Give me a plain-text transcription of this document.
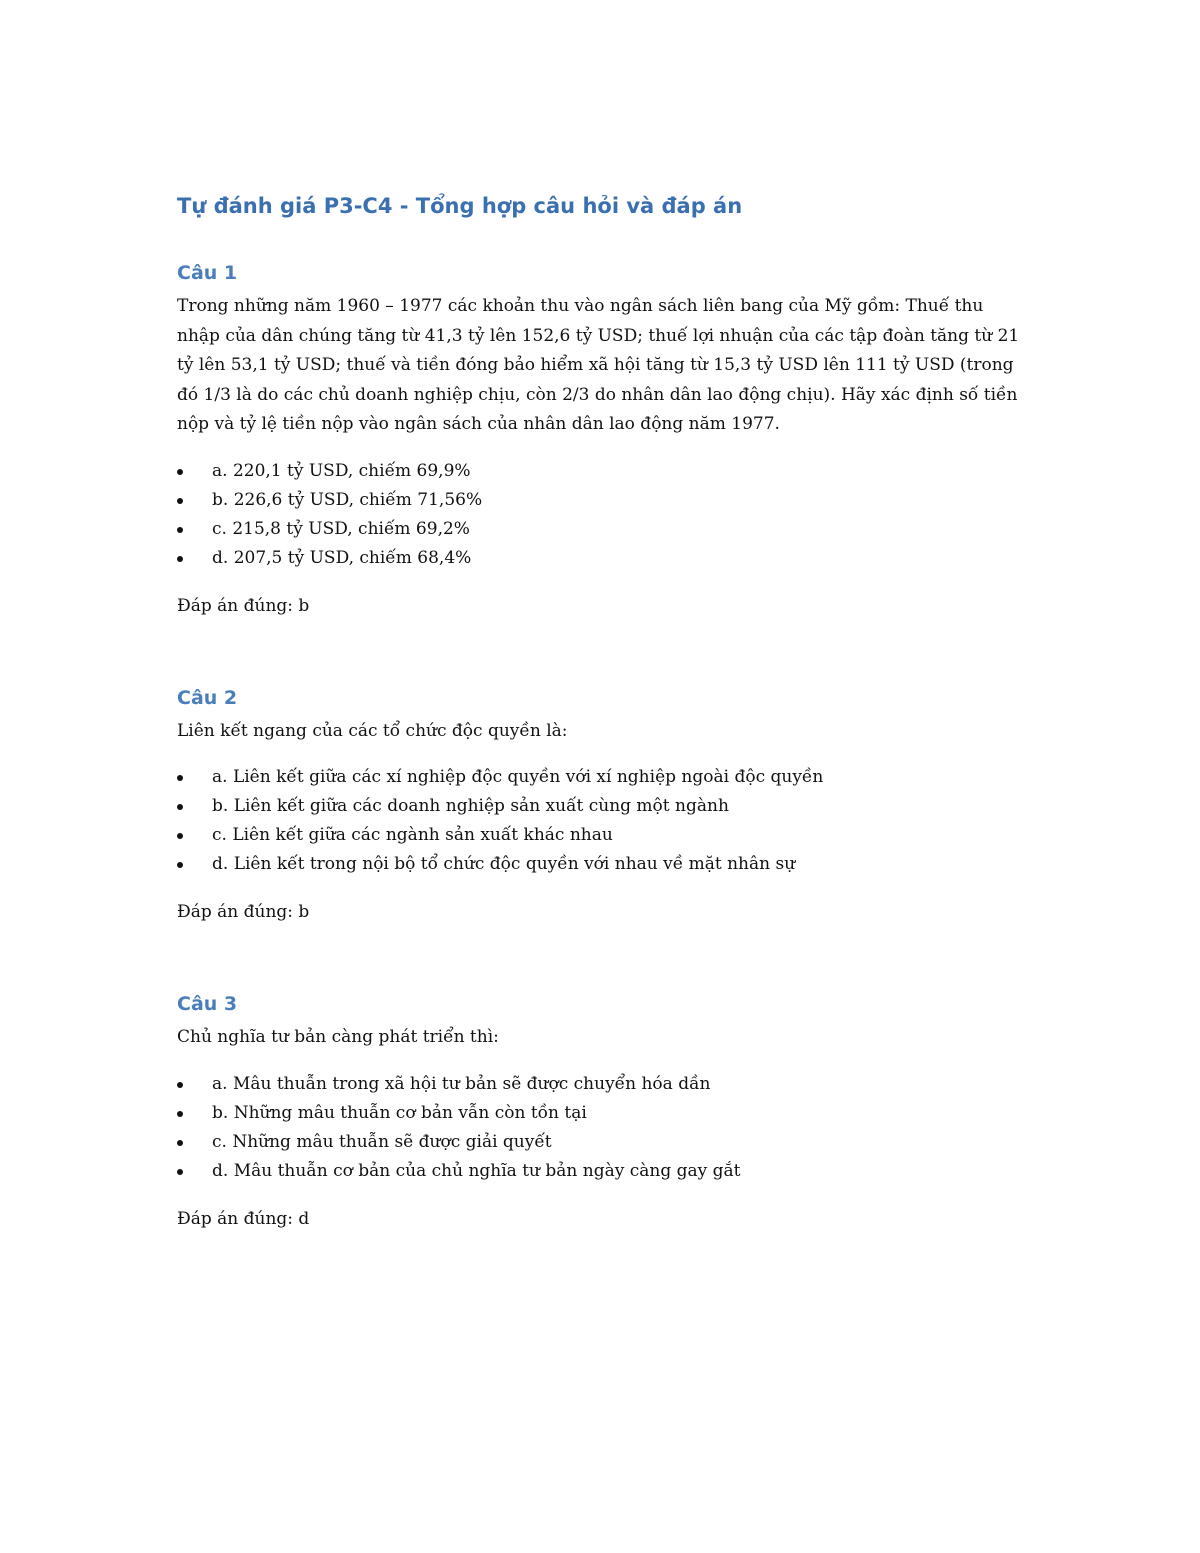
Tự đánh giá P3-C4 - Tổng hợp câu hỏi và đáp án
Câu 1

Trong những năm 1960 – 1977 các khoản thu vào ngân sách liên bang của Mỹ gồm: Thuế thu nhập của dân chúng tăng từ 41,3 tỷ lên 152,6 tỷ USD; thuế lợi nhuận của các tập đoàn tăng từ 21 tỷ lên 53,1 tỷ USD; thuế và tiền đóng bảo hiểm xã hội tăng từ 15,3 tỷ USD lên 111 tỷ USD (trong đó 1/3 là do các chủ doanh nghiệp chịu, còn 2/3 do nhân dân lao động chịu). Hãy xác định số tiền nộp và tỷ lệ tiền nộp vào ngân sách của nhân dân lao động năm 1977.

a. 220,1 tỷ USD, chiếm 69,9%
b. 226,6 tỷ USD, chiếm 71,56%
c. 215,8 tỷ USD, chiếm 69,2%
d. 207,5 tỷ USD, chiếm 68,4%

Đáp án đúng: b

Câu 2

Liên kết ngang của các tổ chức độc quyền là:

a. Liên kết giữa các xí nghiệp độc quyền với xí nghiệp ngoài độc quyền
b. Liên kết giữa các doanh nghiệp sản xuất cùng một ngành
c. Liên kết giữa các ngành sản xuất khác nhau
d. Liên kết trong nội bộ tổ chức độc quyền với nhau về mặt nhân sự

Đáp án đúng: b

Câu 3

Chủ nghĩa tư bản càng phát triển thì:

a. Mâu thuẫn trong xã hội tư bản sẽ được chuyển hóa dần
b. Những mâu thuẫn cơ bản vẫn còn tồn tại
c. Những mâu thuẫn sẽ được giải quyết
d. Mâu thuẫn cơ bản của chủ nghĩa tư bản ngày càng gay gắt

Đáp án đúng: d
